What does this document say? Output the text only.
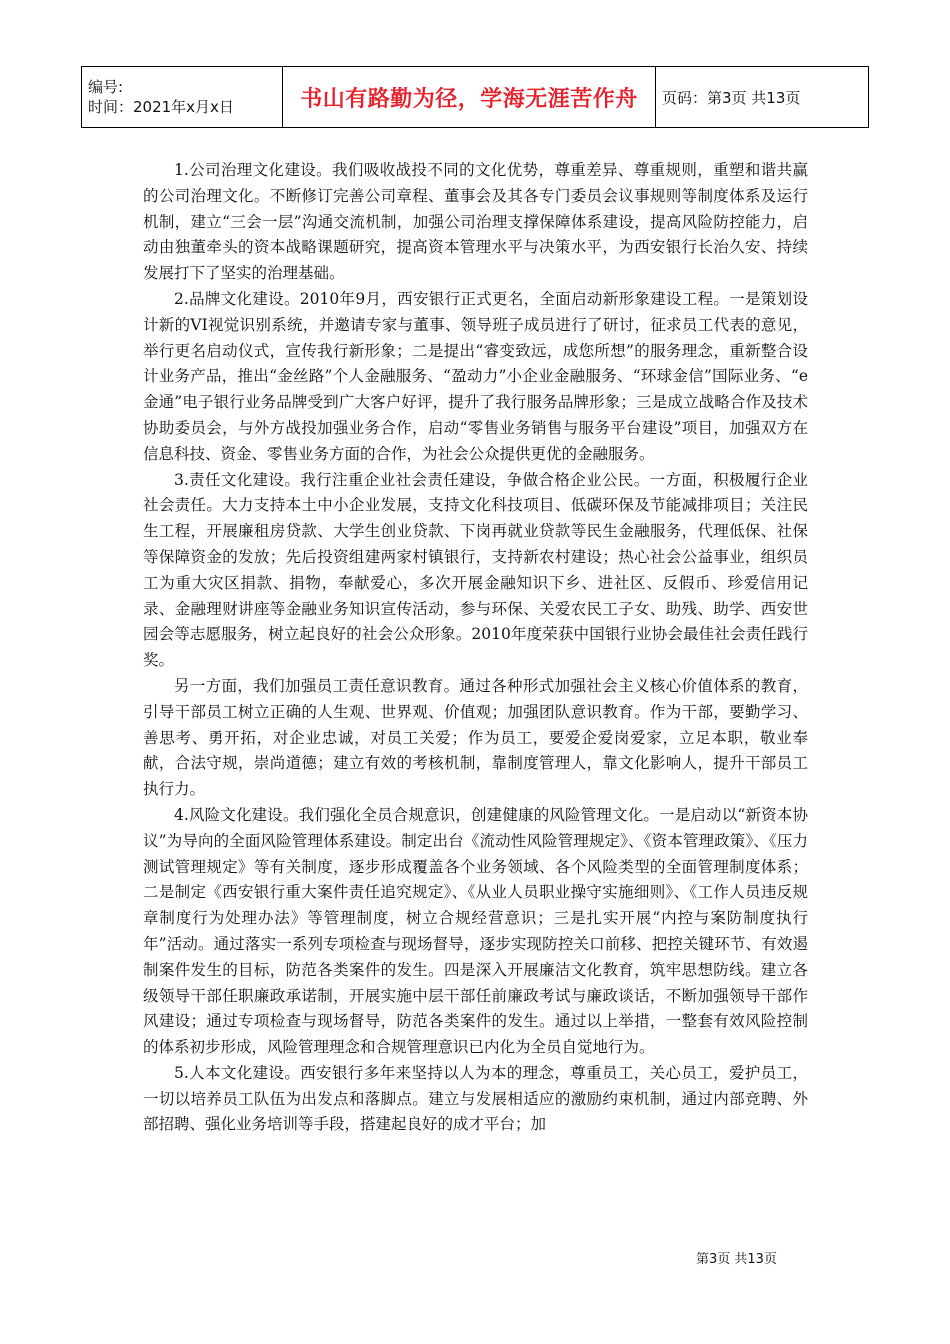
编号:
时间：2021年x月x日	书山有路勤为径，学海无涯苦作舟	页码：第3页 共13页

1.公司治理文化建设。我们吸收战投不同的文化优势，尊重差异、尊重规则，重塑和谐共赢的公司治理文化。不断修订完善公司章程、董事会及其各专门委员会议事规则等制度体系及运行机制，建立“三会一层”沟通交流机制，加强公司治理支撑保障体系建设，提高风险防控能力，启动由独董牵头的资本战略课题研究，提高资本管理水平与决策水平，为西安银行长治久安、持续发展打下了坚实的治理基础。

2.品牌文化建设。2010年9月，西安银行正式更名，全面启动新形象建设工程。一是策划设计新的VI视觉识别系统，并邀请专家与董事、领导班子成员进行了研讨，征求员工代表的意见，举行更名启动仪式，宣传我行新形象；二是提出“睿变致远，成您所想”的服务理念，重新整合设计业务产品，推出“金丝路”个人金融服务、“盈动力”小企业金融服务、“环球金信”国际业务、“e金通”电子银行业务品牌受到广大客户好评，提升了我行服务品牌形象；三是成立战略合作及技术协助委员会，与外方战投加强业务合作，启动“零售业务销售与服务平台建设”项目，加强双方在信息科技、资金、零售业务方面的合作，为社会公众提供更优的金融服务。

3.责任文化建设。我行注重企业社会责任建设，争做合格企业公民。一方面，积极履行企业社会责任。大力支持本土中小企业发展，支持文化科技项目、低碳环保及节能减排项目；关注民生工程，开展廉租房贷款、大学生创业贷款、下岗再就业贷款等民生金融服务，代理低保、社保等保障资金的发放；先后投资组建两家村镇银行，支持新农村建设；热心社会公益事业，组织员工为重大灾区捐款、捐物，奉献爱心，多次开展金融知识下乡、进社区、反假币、珍爱信用记录、金融理财讲座等金融业务知识宣传活动，参与环保、关爱农民工子女、助残、助学、西安世园会等志愿服务，树立起良好的社会公众形象。2010年度荣获中国银行业协会最佳社会责任践行奖。

另一方面，我们加强员工责任意识教育。通过各种形式加强社会主义核心价值体系的教育，引导干部员工树立正确的人生观、世界观、价值观；加强团队意识教育。作为干部，要勤学习、善思考、勇开拓，对企业忠诚，对员工关爱；作为员工，要爱企爱岗爱家，立足本职，敬业奉献，合法守规，崇尚道德；建立有效的考核机制，靠制度管理人，靠文化影响人，提升干部员工执行力。

4.风险文化建设。我们强化全员合规意识，创建健康的风险管理文化。一是启动以“新资本协议”为导向的全面风险管理体系建设。制定出台《流动性风险管理规定》、《资本管理政策》、《压力测试管理规定》等有关制度，逐步形成覆盖各个业务领域、各个风险类型的全面管理制度体系；二是制定《西安银行重大案件责任追究规定》、《从业人员职业操守实施细则》、《工作人员违反规章制度行为处理办法》等管理制度，树立合规经营意识；三是扎实开展“内控与案防制度执行年”活动。通过落实一系列专项检查与现场督导，逐步实现防控关口前移、把控关键环节、有效遏制案件发生的目标，防范各类案件的发生。四是深入开展廉洁文化教育，筑牢思想防线。建立各级领导干部任职廉政承诺制，开展实施中层干部任前廉政考试与廉政谈话，不断加强领导干部作风建设；通过专项检查与现场督导，防范各类案件的发生。通过以上举措，一整套有效风险控制的体系初步形成，风险管理理念和合规管理意识已内化为全员自觉地行为。

5.人本文化建设。西安银行多年来坚持以人为本的理念，尊重员工，关心员工，爱护员工，一切以培养员工队伍为出发点和落脚点。建立与发展相适应的激励约束机制，通过内部竞聘、外部招聘、强化业务培训等手段，搭建起良好的成才平台；加

第3页 共13页
